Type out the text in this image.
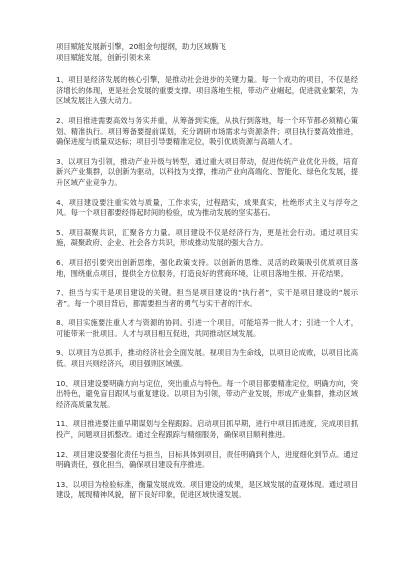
项目赋能发展新引擎，20组金句提纲，助力区域腾飞

项目赋能发展，创新引领未来

1、项目是经济发展的核心引擎，是推动社会进步的关键力量。每一个成功的项目，不仅是经济增长的体现，更是社会发展的重要支撑。项目落地生根，带动产业崛起，促进就业繁荣，为区域发展注入强大动力。

2、项目推进需要高效与务实并重，从筹备到实施，从执行到落地，每一个环节都必须精心策划、精准执行。项目筹备要提前谋划，充分调研市场需求与资源条件；项目执行要高效推进，确保进度与质量双达标；项目引导要精准定位，吸引优质资源与高端人才。

3、以项目为引领，推动产业升级与转型，通过重大项目带动，促进传统产业优化升级，培育新兴产业集群，以创新为驱动，以科技为支撑，推动产业向高端化、智能化、绿色化发展，提升区域产业竞争力。

4、项目建设要注重实效与质量，工作求实，过程踏实，成果真实，杜绝形式主义与浮夸之风。每一个项目都要经得起时间的检验，成为推动发展的坚实基石。

5、项目凝聚共识，汇聚各方力量。项目建设不仅是经济行为，更是社会行动。通过项目实施，凝聚政府、企业、社会各方共识，形成推动发展的强大合力。

6、项目招引要突出创新思维，强化政策支持。以创新的思维、灵活的政策吸引优质项目落地，围绕重点项目，提供全方位服务，打造良好的营商环境，让项目落地生根、开花结果。

7、担当与实干是项目建设的关键。担当是项目建设的“执行者”，实干是项目建设的“展示者”。每一个项目背后，都需要担当者的勇气与实干者的汗水。

8、项目实施要注重人才与资源的协同。引进一个项目，可能培养一批人才；引进一个人才，可能带来一批项目。人才与项目相互促进，共同推动区域发展。

9、以项目为总抓手，推动经济社会全面发展。视项目为生命线，以项目论成败，以项目比高低。项目兴则经济兴，项目强则区域强。

10、项目建设要明确方向与定位，突出重点与特色。每一个项目都要精准定位，明确方向，突出特色，避免盲目跟风与重复建设。以项目为引领，带动产业发展，形成产业集群，推动区域经济高质量发展。

11、项目推进要注重早期谋划与全程跟踪。启动项目抓早期，进行中项目抓进度，完成项目抓投产，问题项目抓整改。通过全程跟踪与精细服务，确保项目顺利推进。

12、项目建设要强化责任与担当，目标具体到项目，责任明确到个人，进度细化到节点。通过明确责任，强化担当，确保项目建设有序推进。

13、以项目为检验标准，衡量发展成效。项目建设的成果，是区域发展的直观体现。通过项目建设，展现精神风貌，留下良好印象，促进区域快速发展。
